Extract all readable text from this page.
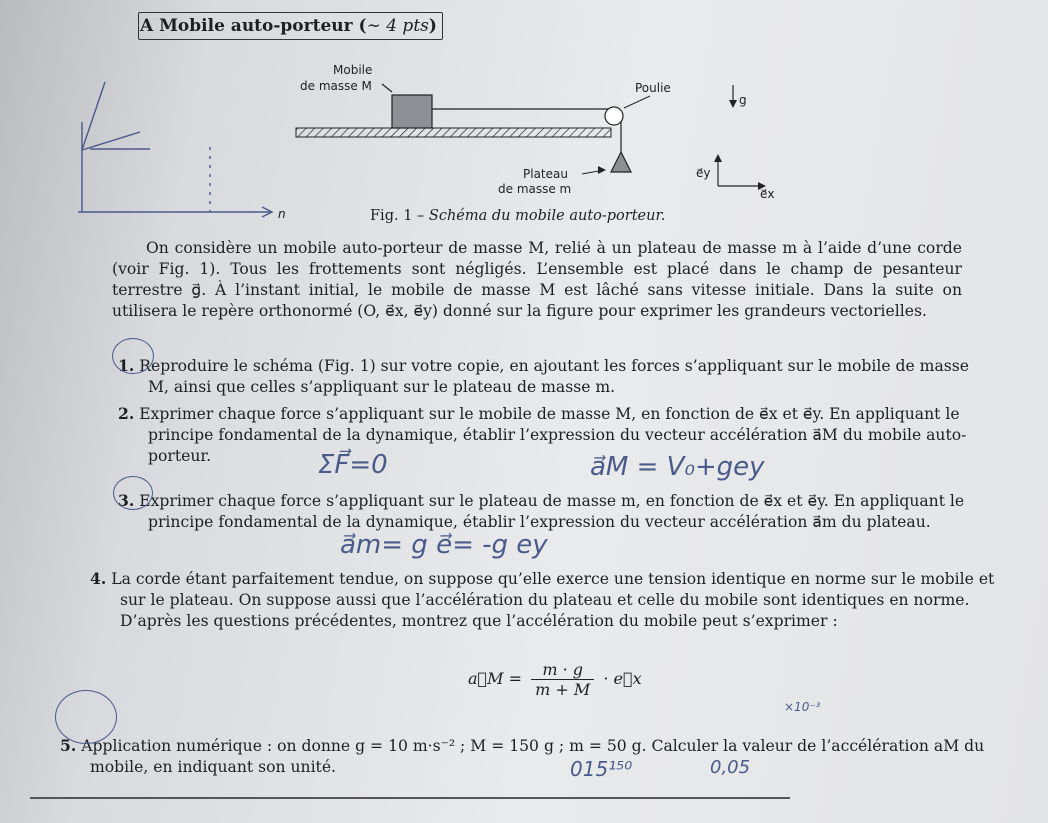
A Mobile auto-porteur (∼ 4 pts)
n
Mobile
de masse M	Poulie
Plateau
de masse m
g
e⃗y
e⃗x
Fig. 1 – Schéma du mobile auto-porteur.

On considère un mobile auto-porteur de masse M, relié à un plateau de masse m à l’aide d’une corde (voir Fig. 1). Tous les frottements sont négligés. L’ensemble est placé dans le champ de pesanteur terrestre g⃗. À l’instant initial, le mobile de masse M est lâché sans vitesse initiale. Dans la suite on utilisera le repère orthonormé (O, e⃗x, e⃗y) donné sur la figure pour exprimer les grandeurs vectorielles.

1. Reproduire le schéma (Fig. 1) sur votre copie, en ajoutant les forces s’appliquant sur le mobile de masse M, ainsi que celles s’appliquant sur le plateau de masse m.

2. Exprimer chaque force s’appliquant sur le mobile de masse M, en fonction de e⃗x et e⃗y. En appliquant le principe fondamental de la dynamique, établir l’expression du vecteur accélération a⃗M du mobile auto-porteur.

3. Exprimer chaque force s’appliquant sur le plateau de masse m, en fonction de e⃗x et e⃗y. En appliquant le principe fondamental de la dynamique, établir l’expression du vecteur accélération a⃗m du plateau.

4. La corde étant parfaitement tendue, on suppose qu’elle exerce une tension identique en norme sur le mobile et sur le plateau. On suppose aussi que l’accélération du plateau et celle du mobile sont identiques en norme. D’après les questions précédentes, montrez que l’accélération du mobile peut s’exprimer :

a⃗M = $\frac{m \cdot g}{m + M}$ · e⃗x

5. Application numérique : on donne g = 10 m·s⁻² ; M = 150 g ; m = 50 g. Calculer la valeur de l’accélération aM du mobile, en indiquant son unité.

ΣF⃗=0	a⃗M = V₀+gey
a⃗m= g e⃗= -g ey
×10⁻³
015¹⁵⁰	0,05
